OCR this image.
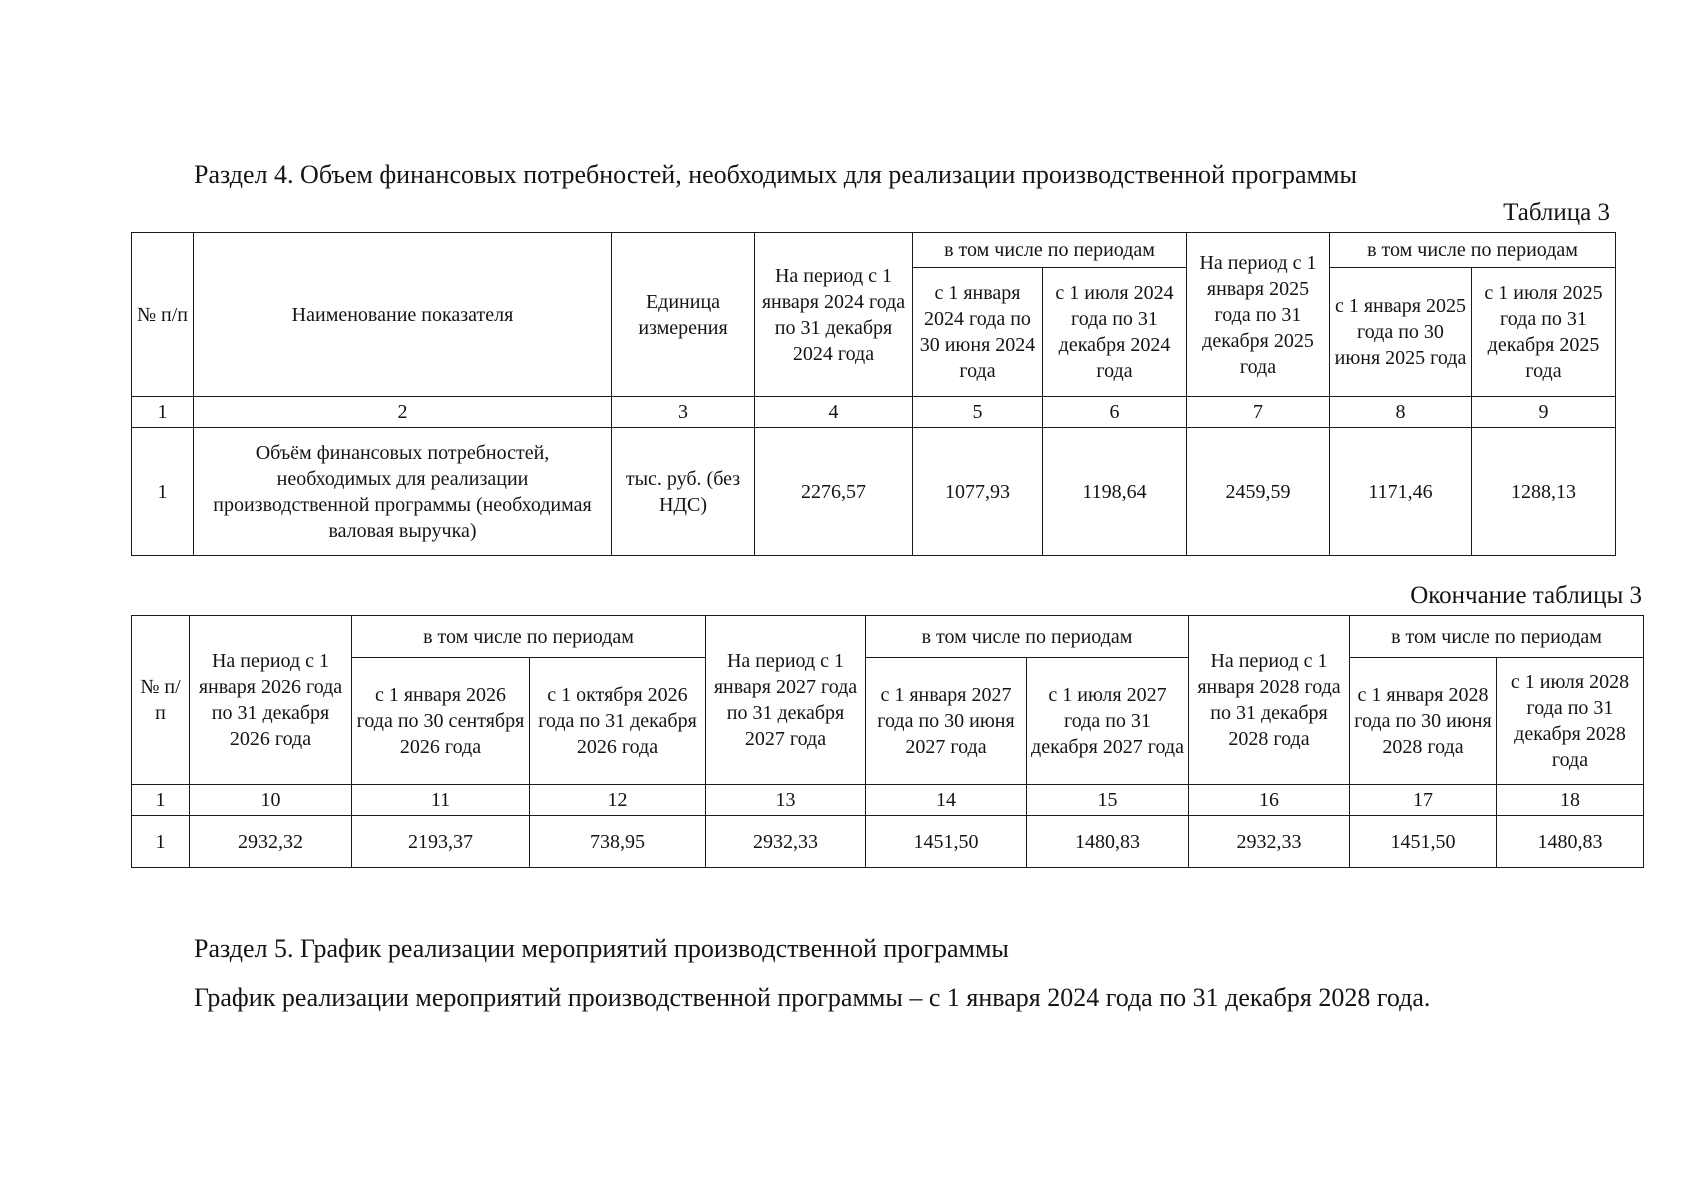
Раздел 4. Объем финансовых потребностей, необходимых для реализации производственной программы
Таблица 3
№ п/п	Наименование показателя	Единица измерения	На период с 1 января 2024 года по 31 декабря 2024 года	в том числе по периодам		На период с 1 января 2025 года по 31 декабря 2025 года	в том числе по периодам	
				с 1 января 2024 года по 30 июня 2024 года	с 1 июля 2024 года по 31 декабря 2024 года		с 1 января 2025 года по 30 июня 2025 года	с 1 июля 2025 года по 31 декабря 2025 года
1	2	3	4	5	6	7	8	9
1	Объём финансовых потребностей, необходимых для реализации производственной программы (необходимая валовая выручка)	тыс. руб. (без НДС)	2276,57	1077,93	1198,64	2459,59	1171,46	1288,13
Окончание таблицы 3
№ п/п	На период с 1 января 2026 года по 31 декабря 2026 года	в том числе по периодам		На период с 1 января 2027 года по 31 декабря 2027 года	в том числе по периодам		На период с 1 января 2028 года по 31 декабря 2028 года	в том числе по периодам	
		с 1 января 2026 года по 30 сентября 2026 года	с 1 октября 2026 года по 31 декабря 2026 года		с 1 января 2027 года по 30 июня 2027 года	с 1 июля 2027 года по 31 декабря 2027 года		с 1 января 2028 года по 30 июня 2028 года	с 1 июля 2028 года по 31 декабря 2028 года
1	10	11	12	13	14	15	16	17	18
1	2932,32	2193,37	738,95	2932,33	1451,50	1480,83	2932,33	1451,50	1480,83
Раздел 5. График реализации мероприятий производственной программы
График реализации мероприятий производственной программы – с 1 января 2024 года по 31 декабря 2028 года.
